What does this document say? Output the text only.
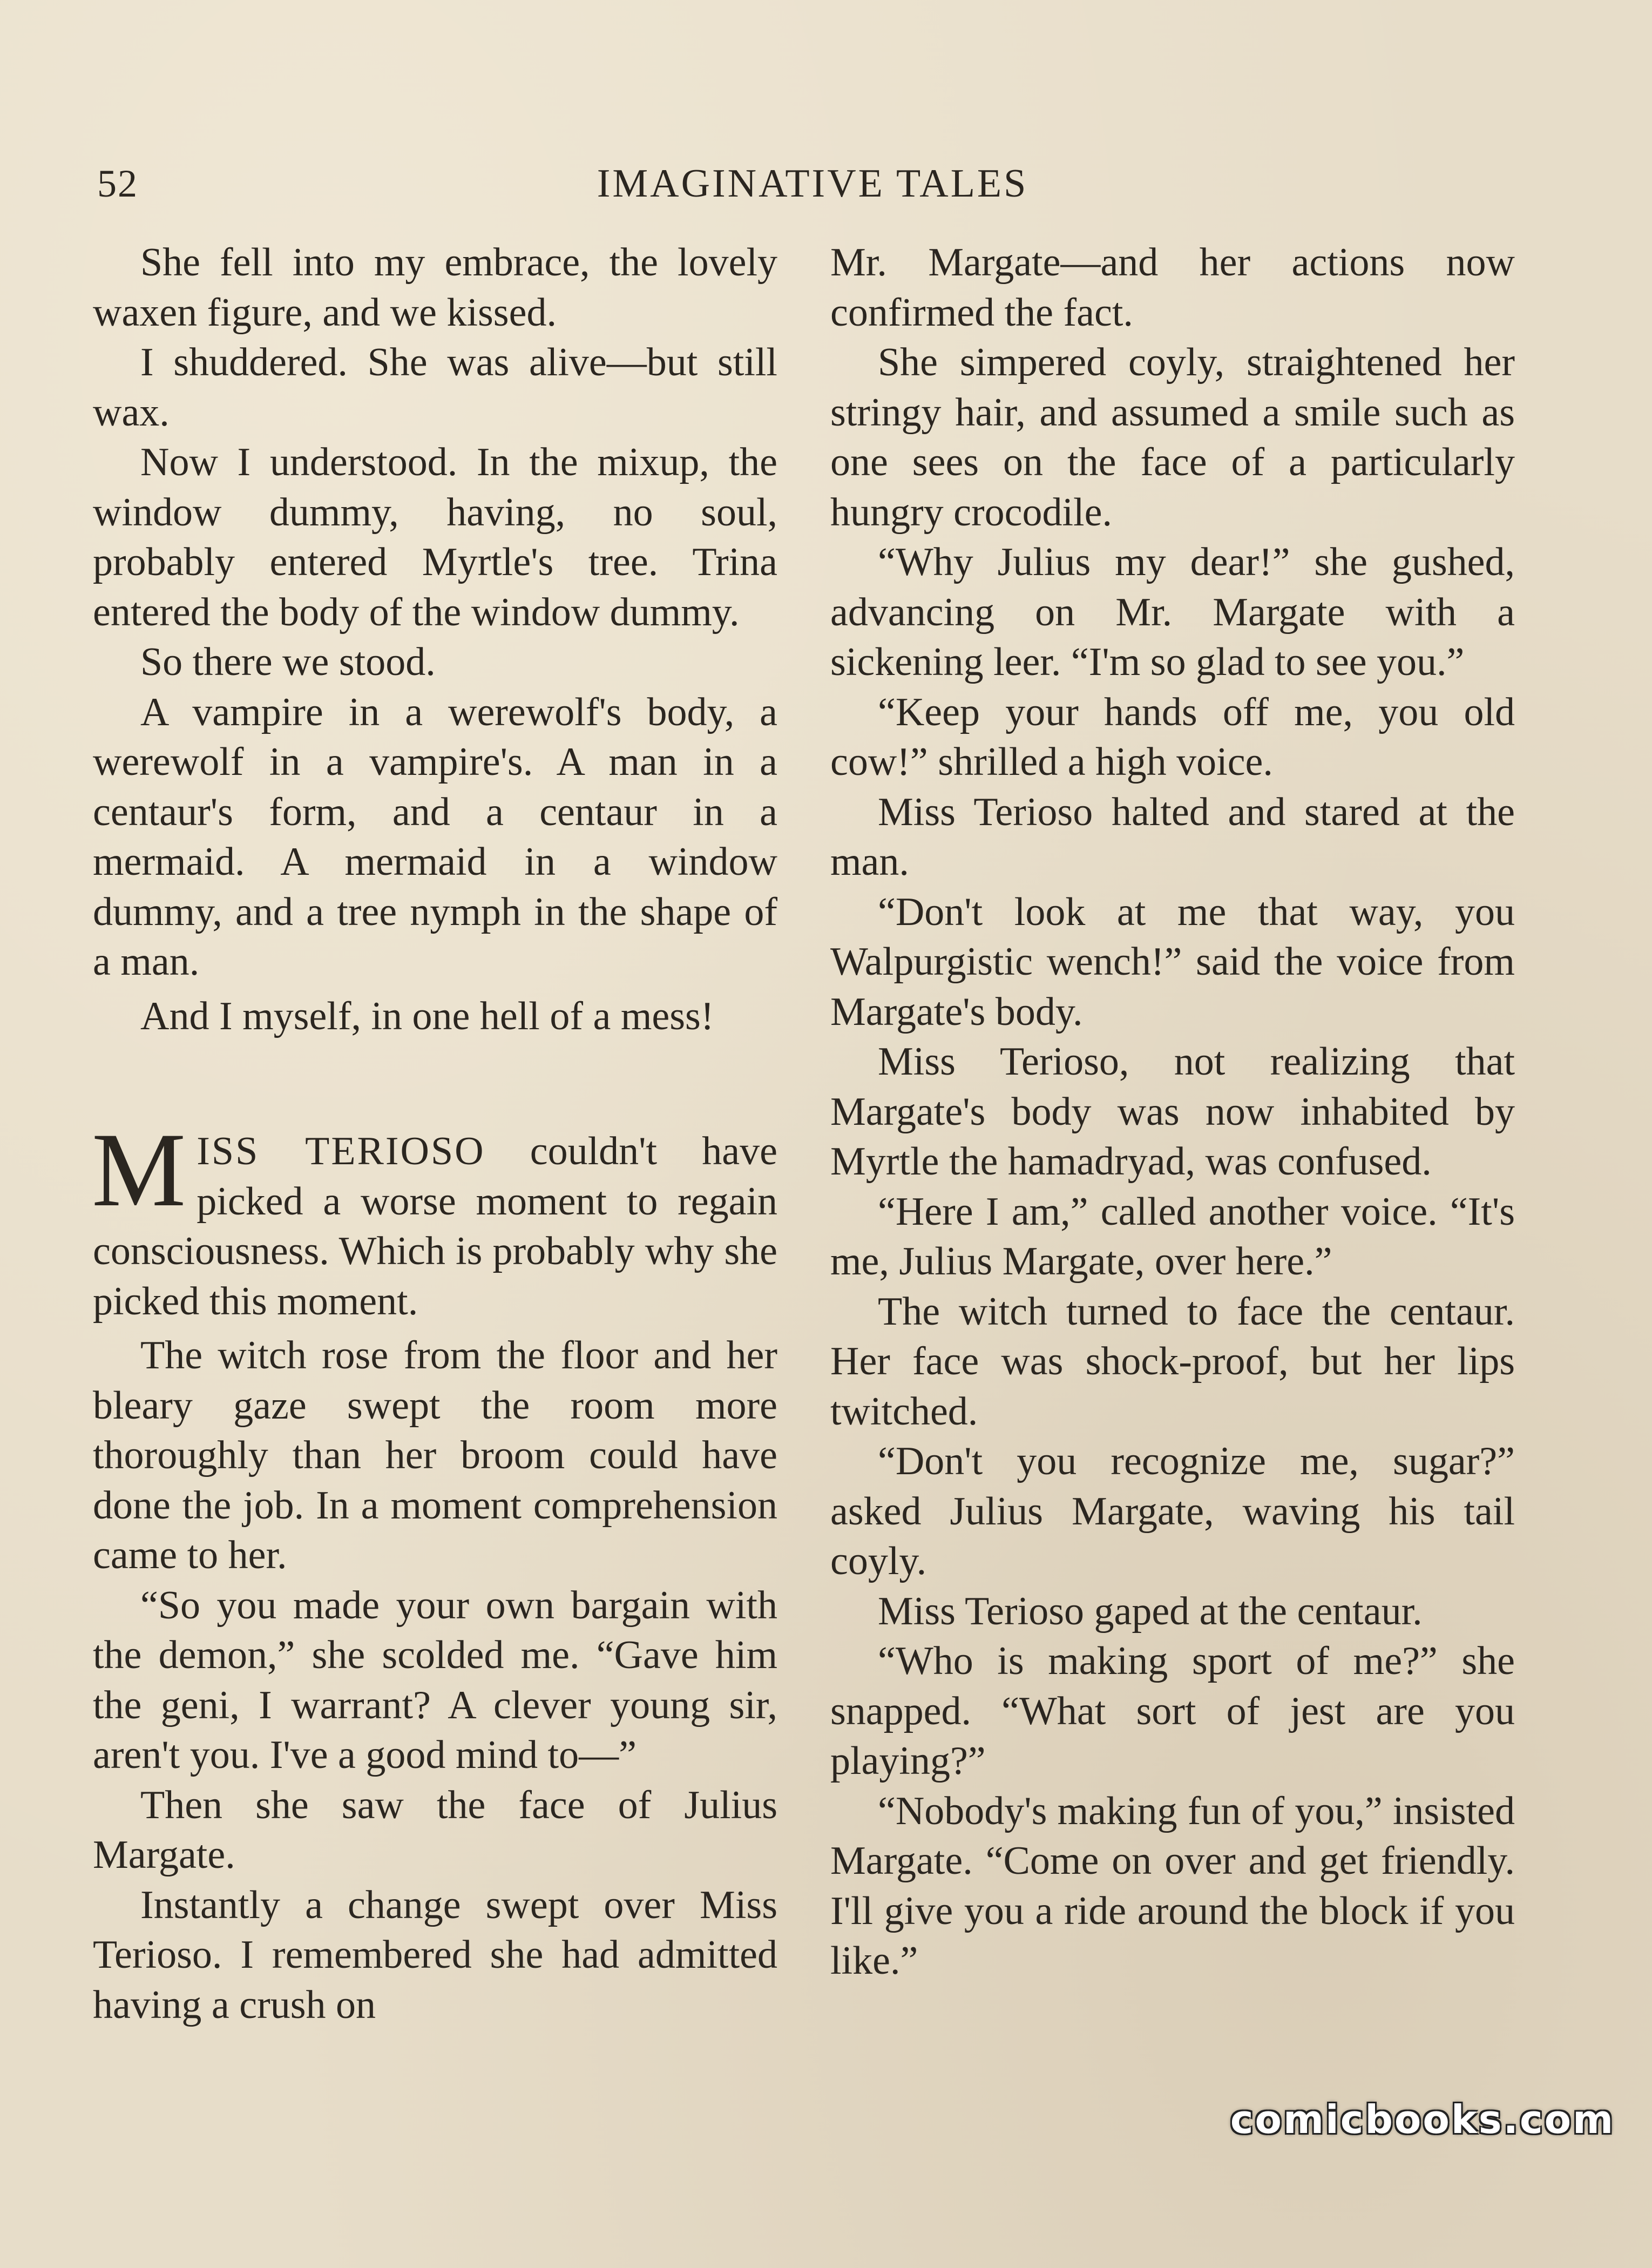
52	IMAGINATIVE TALES

She fell into my embrace, the lovely waxen figure, and we kissed.

I shuddered. She was alive—but still wax.

Now I understood. In the mixup, the window dummy, having, no soul, probably entered Myrtle's tree. Trina entered the body of the window dummy.

So there we stood.

A vampire in a werewolf's body, a werewolf in a vampire's. A man in a centaur's form, and a centaur in a mermaid. A mermaid in a window dummy, and a tree nymph in the shape of a man.

And I myself, in one hell of a mess!

MISS TERIOSO couldn't have picked a worse moment to regain consciousness. Which is probably why she picked this moment.

The witch rose from the floor and her bleary gaze swept the room more thoroughly than her broom could have done the job. In a moment comprehension came to her.

“So you made your own bargain with the demon,” she scolded me. “Gave him the geni, I warrant? A clever young sir, aren't you. I've a good mind to—”

Then she saw the face of Julius Margate.

Instantly a change swept over Miss Terioso. I remembered she had admitted having a crush on

Mr. Margate—and her actions now confirmed the fact.

She simpered coyly, straightened her stringy hair, and assumed a smile such as one sees on the face of a particularly hungry crocodile.

“Why Julius my dear!” she gushed, advancing on Mr. Margate with a sickening leer. “I'm so glad to see you.”

“Keep your hands off me, you old cow!” shrilled a high voice.

Miss Terioso halted and stared at the man.

“Don't look at me that way, you Walpurgistic wench!” said the voice from Margate's body.

Miss Terioso, not realizing that Margate's body was now inhabited by Myrtle the hamadryad, was confused.

“Here I am,” called another voice. “It's me, Julius Margate, over here.”

The witch turned to face the centaur. Her face was shock-proof, but her lips twitched.

“Don't you recognize me, sugar?” asked Julius Margate, waving his tail coyly.

Miss Terioso gaped at the centaur.

“Who is making sport of me?” she snapped. “What sort of jest are you playing?”

“Nobody's making fun of you,” insisted Margate. “Come on over and get friendly. I'll give you a ride around the block if you like.”

comicbooks.com
